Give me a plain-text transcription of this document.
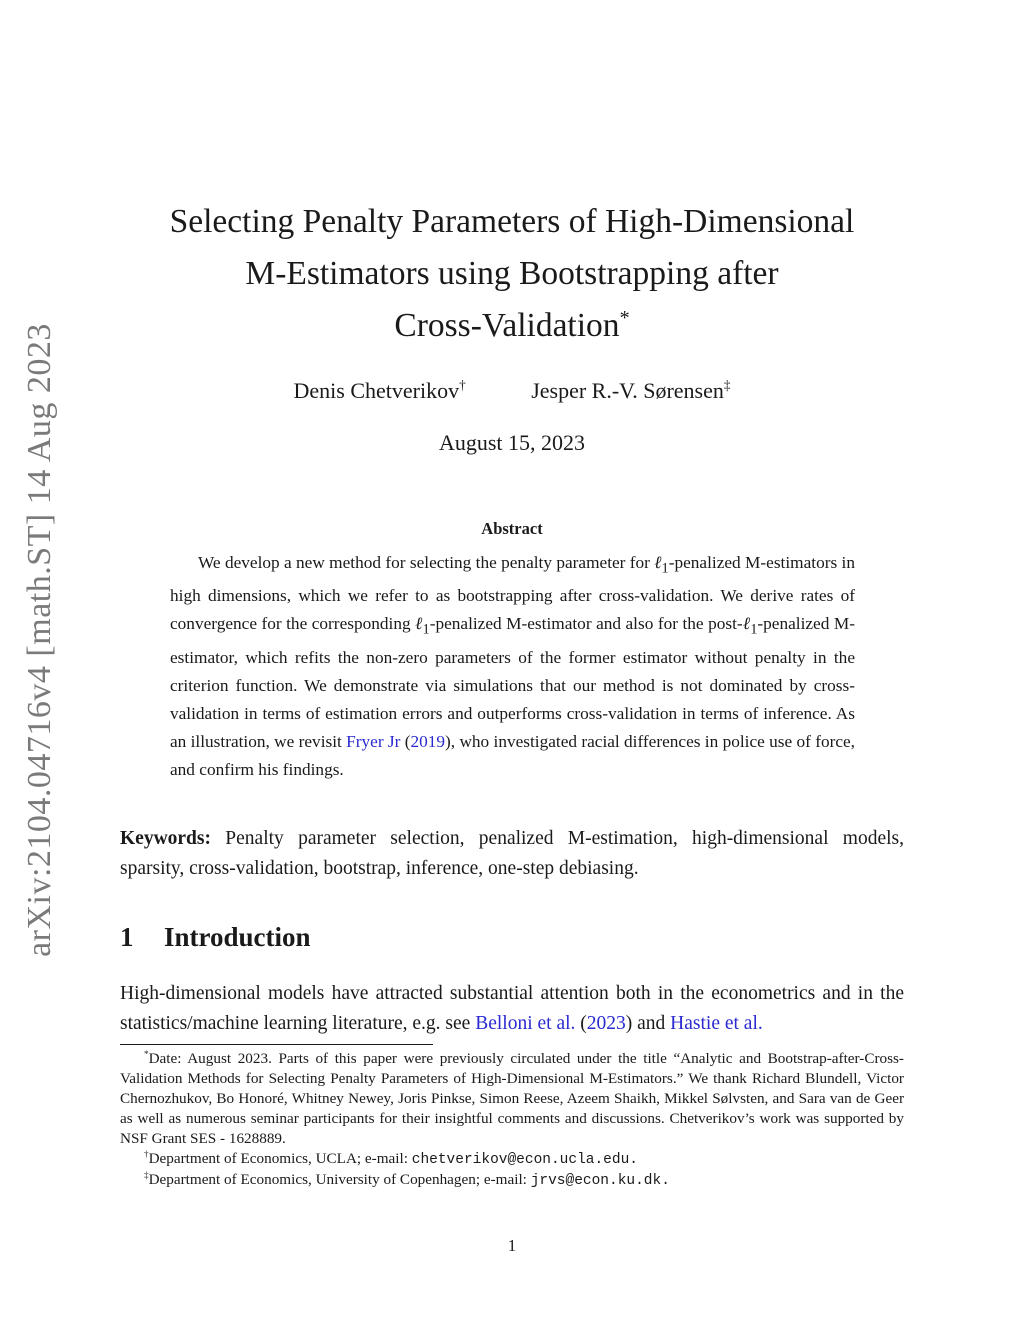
arXiv:2104.04716v4 [math.ST] 14 Aug 2023
Selecting Penalty Parameters of High-Dimensional
M-Estimators using Bootstrapping after
Cross-Validation*
Denis Chetverikov†	Jesper R.-V. Sørensen‡
August 15, 2023
Abstract

We develop a new method for selecting the penalty parameter for ℓ$_1$-penalized M-estimators in high dimensions, which we refer to as bootstrapping after cross-validation. We derive rates of convergence for the corresponding ℓ$_1$-penalized M-estimator and also for the post-ℓ$_1$-penalized M-estimator, which refits the non-zero parameters of the former estimator without penalty in the criterion function. We demonstrate via simulations that our method is not dominated by cross-validation in terms of estimation errors and outperforms cross-validation in terms of inference. As an illustration, we revisit Fryer Jr (2019), who investigated racial differences in police use of force, and confirm his findings.

Keywords: Penalty parameter selection, penalized M-estimation, high-dimensional models, sparsity, cross-validation, bootstrap, inference, one-step debiasing.

1 Introduction

High-dimensional models have attracted substantial attention both in the econometrics and in the statistics/machine learning literature, e.g. see Belloni et al. (2023) and Hastie et al.

*Date: August 2023. Parts of this paper were previously circulated under the title “Analytic and Bootstrap-after-Cross-Validation Methods for Selecting Penalty Parameters of High-Dimensional M-Estimators.” We thank Richard Blundell, Victor Chernozhukov, Bo Honoré, Whitney Newey, Joris Pinkse, Simon Reese, Azeem Shaikh, Mikkel Sølvsten, and Sara van de Geer as well as numerous seminar participants for their insightful comments and discussions. Chetverikov’s work was supported by NSF Grant SES - 1628889.

†Department of Economics, UCLA; e-mail: chetverikov@econ.ucla.edu.

‡Department of Economics, University of Copenhagen; e-mail: jrvs@econ.ku.dk.

1
